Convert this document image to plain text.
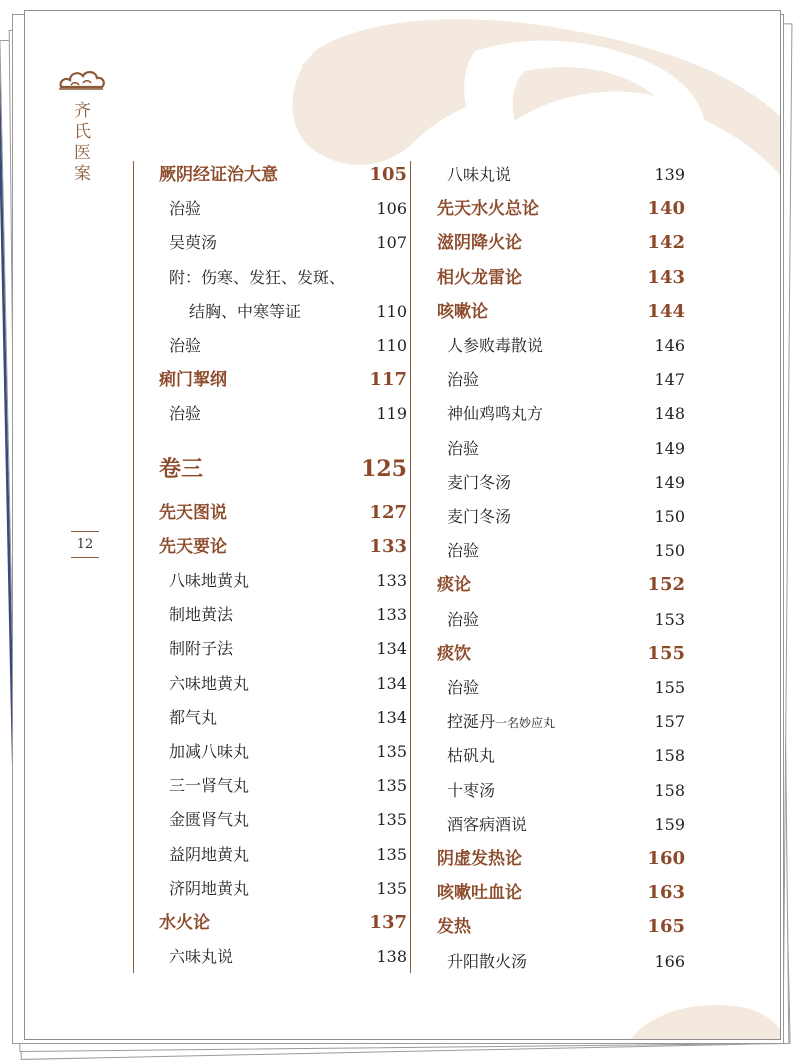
齐氏医案
12
厥阴经证治大意	105
治验	106
吴萸汤	107
附：伤寒、发狂、发斑、
结胸、中寒等证	110
治验	110
痢门挈纲	117
治验	119
卷三	125
先天图说	127
先天要论	133
八味地黄丸	133
制地黄法	133
制附子法	134
六味地黄丸	134
都气丸	134
加减八味丸	135
三一肾气丸	135
金匮肾气丸	135
益阴地黄丸	135
济阴地黄丸	135
水火论	137
六味丸说	138
八味丸说	139
先天水火总论	140
滋阴降火论	142
相火龙雷论	143
咳嗽论	144
人参败毒散说	146
治验	147
神仙鸡鸣丸方	148
治验	149
麦门冬汤	149
麦门冬汤	150
治验	150
痰论	152
治验	153
痰饮	155
治验	155
控涎丹一名妙应丸	157
枯矾丸	158
十枣汤	158
酒客病酒说	159
阴虚发热论	160
咳嗽吐血论	163
发热	165
升阳散火汤	166
